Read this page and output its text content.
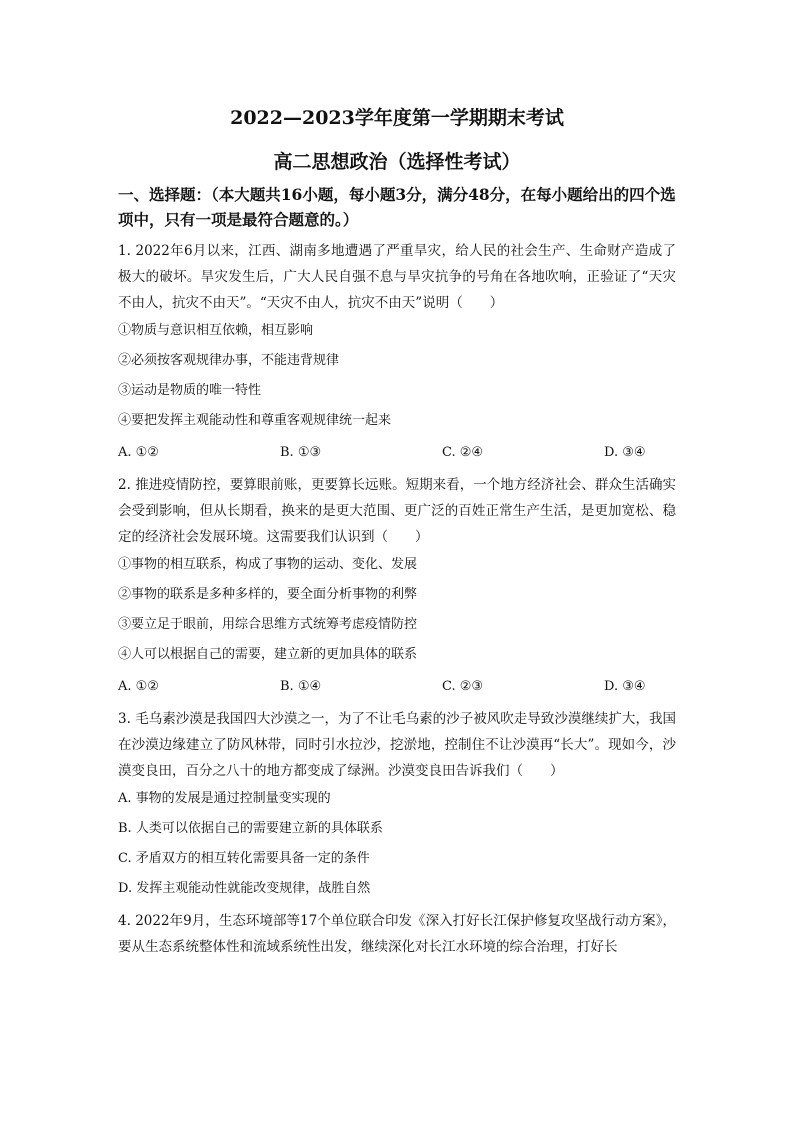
2022—2023学年度第一学期期末考试
高二思想政治（选择性考试）

一、选择题：（本大题共16小题，每小题3分，满分48分，在每小题给出的四个选项中，只有一项是最符合题意的。）

1. 2022年6月以来，江西、湖南多地遭遇了严重旱灾，给人民的社会生产、生命财产造成了极大的破坏。旱灾发生后，广大人民自强不息与旱灾抗争的号角在各地吹响，正验证了“天灾不由人，抗灾不由天”。“天灾不由人，抗灾不由天”说明（　　）

①物质与意识相互依赖，相互影响

②必须按客观规律办事，不能违背规律

③运动是物质的唯一特性

④要把发挥主观能动性和尊重客观规律统一起来

A. ①②	B. ①③	C. ②④	D. ③④

2. 推进疫情防控，要算眼前账，更要算长远账。短期来看，一个地方经济社会、群众生活确实会受到影响，但从长期看，换来的是更大范围、更广泛的百姓正常生产生活，是更加宽松、稳定的经济社会发展环境。这需要我们认识到（　　）

①事物的相互联系，构成了事物的运动、变化、发展

②事物的联系是多种多样的，要全面分析事物的利弊

③要立足于眼前，用综合思维方式统筹考虑疫情防控

④人可以根据自己的需要，建立新的更加具体的联系

A. ①②	B. ①④	C. ②③	D. ③④

3. 毛乌素沙漠是我国四大沙漠之一，为了不让毛乌素的沙子被风吹走导致沙漠继续扩大，我国在沙漠边缘建立了防风林带，同时引水拉沙，挖淤地，控制住不让沙漠再“长大”。现如今，沙漠变良田，百分之八十的地方都变成了绿洲。沙漠变良田告诉我们（　　）

A. 事物的发展是通过控制量变实现的

B. 人类可以依据自己的需要建立新的具体联系

C. 矛盾双方的相互转化需要具备一定的条件

D. 发挥主观能动性就能改变规律，战胜自然

4. 2022年9月，生态环境部等17个单位联合印发《深入打好长江保护修复攻坚战行动方案》，要从生态系统整体性和流域系统性出发，继续深化对长江水环境的综合治理，打好长
